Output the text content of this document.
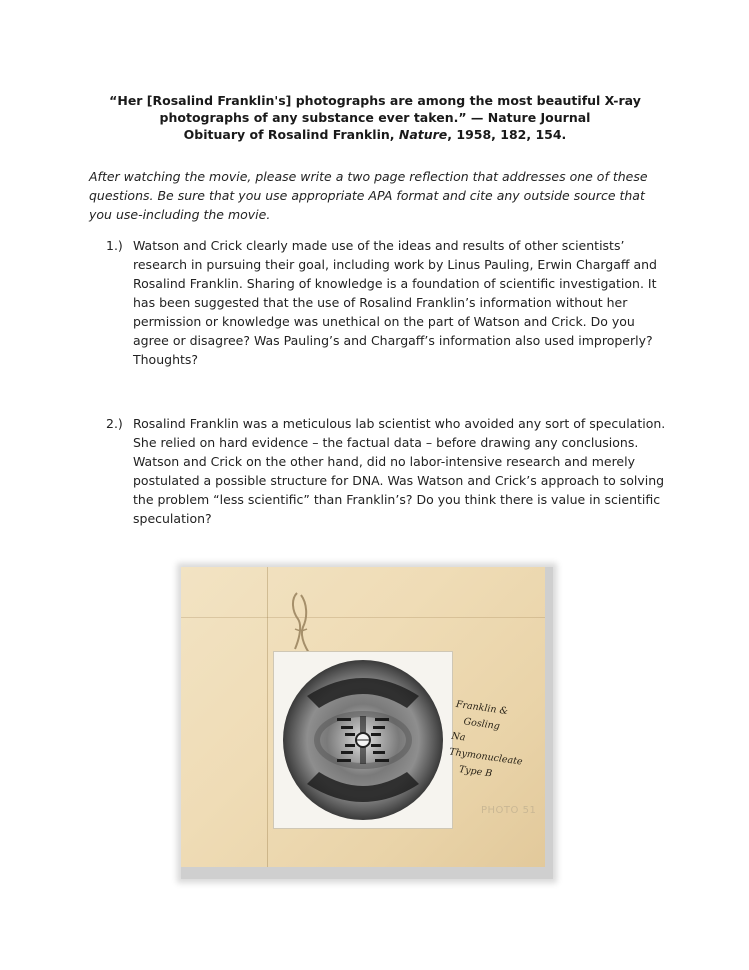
“Her [Rosalind Franklin's] photographs are among the most beautiful X-ray
photographs of any substance ever taken.” — Nature Journal
Obituary of Rosalind Franklin, Nature, 1958, 182, 154.
After watching the movie, please write a two page reflection that addresses one of these questions. Be sure that you use appropriate APA format and cite any outside source that you use-including the movie.
1.) Watson and Crick clearly made use of the ideas and results of other scientists’ research in pursuing their goal, including work by Linus Pauling, Erwin Chargaff and Rosalind Franklin. Sharing of knowledge is a foundation of scientific investigation. It has been suggested that the use of Rosalind Franklin’s information without her permission or knowledge was unethical on the part of Watson and Crick. Do you agree or disagree? Was Pauling’s and Chargaff’s information also used improperly? Thoughts?
2.) Rosalind Franklin was a meticulous lab scientist who avoided any sort of speculation. She relied on hard evidence – the factual data – before drawing any conclusions. Watson and Crick on the other hand, did no labor-intensive research and merely postulated a possible structure for DNA. Was Watson and Crick’s approach to solving the problem “less scientific” than Franklin’s? Do you think there is value in scientific speculation?
Franklin &
Gosling
Na Thymonucleate
Type B
PHOTO 51
